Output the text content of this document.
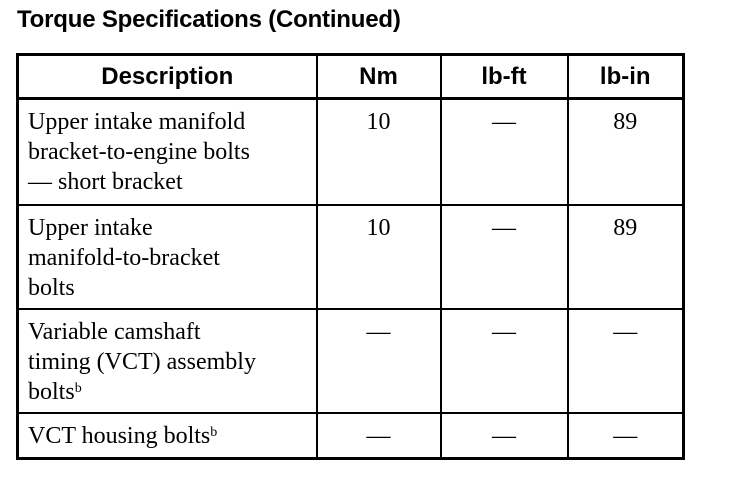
Torque Specifications (Continued)
Description	Nm	lb-ft	lb-in

Upper intake manifold
bracket-to-engine bolts
— short bracket	10	—	89

Upper intake
manifold-to-bracket
bolts	10	—	89

Variable camshaft
timing (VCT) assembly
bolts$^b$	—	—	—

VCT housing bolts$^b$	—	—	—
